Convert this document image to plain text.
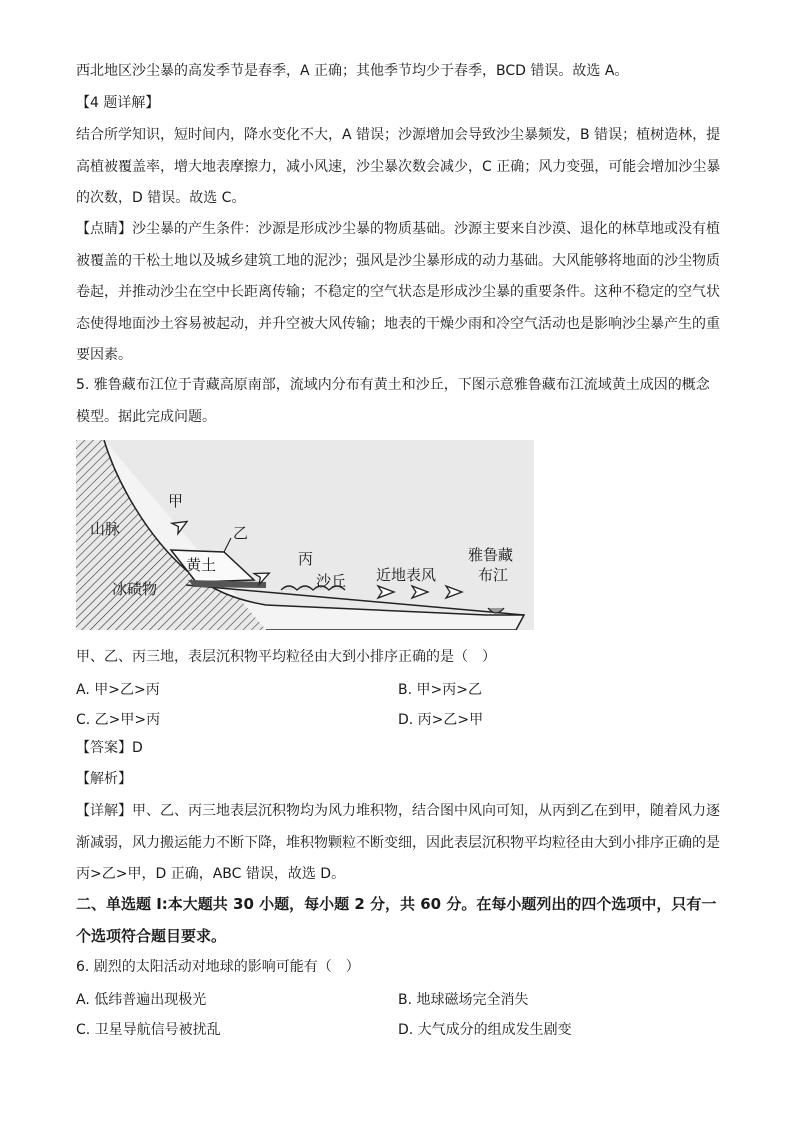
西北地区沙尘暴的高发季节是春季，A 正确；其他季节均少于春季，BCD 错误。故选 A。

【4 题详解】

结合所学知识，短时间内，降水变化不大，A 错误；沙源增加会导致沙尘暴频发，B 错误；植树造林，提高植被覆盖率，增大地表摩擦力，减小风速，沙尘暴次数会减少，C 正确；风力变强，可能会增加沙尘暴的次数，D 错误。故选 C。

【点睛】沙尘暴的产生条件：沙源是形成沙尘暴的物质基础。沙源主要来自沙漠、退化的林草地或没有植被覆盖的干松土地以及城乡建筑工地的泥沙；强风是沙尘暴形成的动力基础。大风能够将地面的沙尘物质卷起，并推动沙尘在空中长距离传输；不稳定的空气状态是形成沙尘暴的重要条件。这种不稳定的空气状态使得地面沙土容易被起动，并升空被大风传输；地表的干燥少雨和冷空气活动也是影响沙尘暴产生的重要因素。

5. 雅鲁藏布江位于青藏高原南部，流域内分布有黄土和沙丘，下图示意雅鲁藏布江流域黄土成因的概念模型。据此完成问题。

甲
乙
丙
山脉
黄土
冰碛物	沙丘 近地表风
雅鲁藏
布江

甲、乙、丙三地，表层沉积物平均粒径由大到小排序正确的是（　）

A. 甲>乙>丙	B. 甲>丙>乙
C. 乙>甲>丙	D. 丙>乙>甲

【答案】D

【解析】

【详解】甲、乙、丙三地表层沉积物均为风力堆积物，结合图中风向可知，从丙到乙在到甲，随着风力逐渐减弱，风力搬运能力不断下降，堆积物颗粒不断变细，因此表层沉积物平均粒径由大到小排序正确的是丙>乙>甲，D 正确，ABC 错误，故选 D。

二、单选题 I:本大题共 30 小题，每小题 2 分，共 60 分。在每小题列出的四个选项中，只有一个选项符合题目要求。

6. 剧烈的太阳活动对地球的影响可能有（　）

A. 低纬普遍出现极光	B. 地球磁场完全消失
C. 卫星导航信号被扰乱	D. 大气成分的组成发生剧变
